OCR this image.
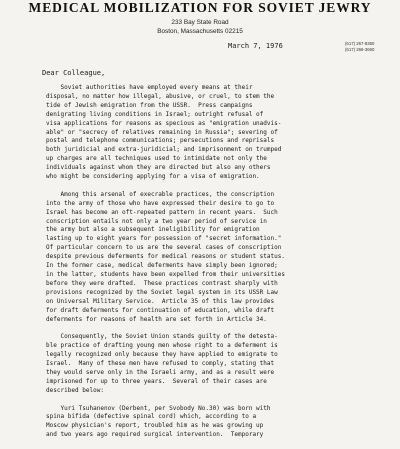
MEDICAL MOBILIZATION FOR SOVIET JEWRY
233 Bay State Road
Boston, Massachusetts 02215
(617) 267-8350
(617) 266-3660
March 7, 1976
Dear Colleague,
Soviet authorities have employed every means at their
disposal, no matter how illegal, abusive, or cruel, to stem the
tide of Jewish emigration from the USSR.  Press campaigns
denigrating living conditions in Israel; outright refusal of
visa applications for reasons as specious as "emigration unadvis-
able" or "secrecy of relatives remaining in Russia"; severing of
postal and telephone communications; persecutions and reprisals
both juridicial and extra-juridicial; and imprisonment on trumped
up charges are all techniques used to intimidate not only the
individuals against whom they are directed but also any others
who might be considering applying for a visa of emigration.
Among this arsenal of execrable practices, the conscription
into the army of those who have expressed their desire to go to
Israel has become an oft-repeated pattern in recent years.  Such
conscription entails not only a two year period of service in
the army but also a subsequent ineligibility for emigration
lasting up to eight years for possession of "secret information."
Of particular concern to us are the several cases of conscription
despite previous deferments for medical reasons or student status.
In the former case, medical deferments have simply been ignored;
in the latter, students have been expelled from their universities
before they were drafted.  These practices contrast sharply with
provisions recognized by the Soviet legal system in its USSR Law
on Universal Military Service.  Article 35 of this law provides
for draft deferments for continuation of education, while draft
deferments for reasons of health are set forth in Article 34.
Consequently, the Soviet Union stands guilty of the detesta-
ble practice of drafting young men whose right to a deferment is
legally recognized only because they have applied to emigrate to
Israel.  Many of these men have refused to comply, stating that
they would serve only in the Israeli army, and as a result were
imprisoned for up to three years.  Several of their cases are
described below:
Yuri Tsuhanenov (Derbent, per Svobody No.30) was born with
spina bifida (defective spinal cord) which, according to a
Moscow physician's report, troubled him as he was growing up
and two years ago required surgical intervention.  Temporary
